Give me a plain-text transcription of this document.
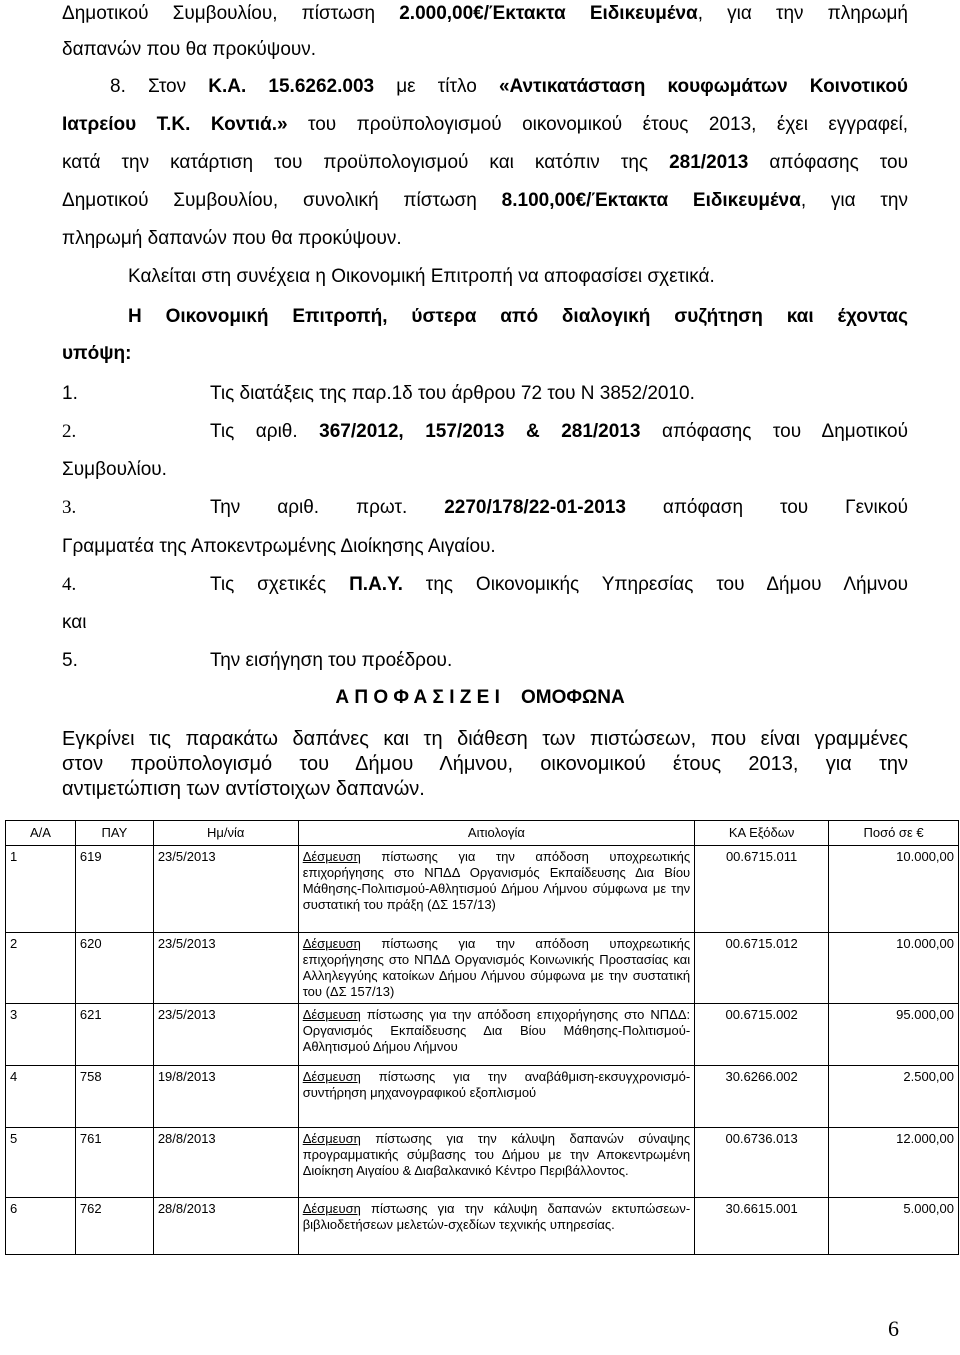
Δημοτικού Συμβουλίου, πίστωση 2.000,00€/Έκτακτα Ειδικευμένα, για την πληρωμή
δαπανών που θα προκύψουν.
8. Στον Κ.Α. 15.6262.003 με τίτλο «Αντικατάσταση κουφωμάτων Κοινοτικού
Ιατρείου Τ.Κ. Κοντιά.» του προϋπολογισμού οικονομικού έτους 2013, έχει εγγραφεί,
κατά την κατάρτιση του προϋπολογισμού και κατόπιν της 281/2013 απόφασης του
Δημοτικού Συμβουλίου, συνολική πίστωση 8.100,00€/Έκτακτα Ειδικευμένα, για την
πληρωμή δαπανών που θα προκύψουν.
Καλείται στη συνέχεια η Οικονομική Επιτροπή να αποφασίσει σχετικά.
Η Οικονομική Επιτροπή, ύστερα από διαλογική συζήτηση και έχοντας
υπόψη:
1.	Τις διατάξεις της παρ.1δ του άρθρου 72 του Ν 3852/2010.
2.	Τις αριθ. 367/2012, 157/2013 & 281/2013 απόφασης του Δημοτικού
Συμβουλίου.
3.	Την αριθ. πρωτ. 2270/178/22-01-2013 απόφαση του Γενικού
Γραμματέα της Αποκεντρωμένης Διοίκησης Αιγαίου.
4.	Τις σχετικές Π.Α.Υ. της Οικονομικής Υπηρεσίας του Δήμου Λήμνου
και
5.	Την εισήγηση του προέδρου.
Α Π Ο Φ Α Σ Ι Ζ Ε Ι    ΟΜΟΦΩΝΑ
Εγκρίνει τις παρακάτω δαπάνες και τη διάθεση των πιστώσεων, που είναι γραμμένες
στον προϋπολογισμό του Δήμου Λήμνου, οικονομικού έτους 2013, για την
αντιμετώπιση των αντίστοιχων δαπανών.
Α/Α	ΠΑΥ	Ημ/νία	Αιτιολογία	ΚΑ Εξόδων	Ποσό σε €
1	619	23/5/2013	Δέσμευση πίστωσης για την απόδοση υποχρεωτικής επιχορήγησης στο ΝΠΔΔ Οργανισμός Εκπαίδευσης Δια Βίου Μάθησης-Πολιτισμού-Αθλητισμού Δήμου Λήμνου σύμφωνα με την συστατική του πράξη (ΔΣ 157/13)	00.6715.011	10.000,00
2	620	23/5/2013	Δέσμευση πίστωσης για την απόδοση υποχρεωτικής επιχορήγησης στο ΝΠΔΔ Οργανισμός Κοινωνικής Προστασίας και Αλληλεγγύης κατοίκων Δήμου Λήμνου σύμφωνα με την συστατική του (ΔΣ 157/13)	00.6715.012	10.000,00
3	621	23/5/2013	Δέσμευση πίστωσης για την απόδοση επιχορήγησης στο ΝΠΔΔ: Οργανισμός Εκπαίδευσης Δια Βίου Μάθησης-Πολιτισμού-Αθλητισμού Δήμου Λήμνου	00.6715.002	95.000,00
4	758	19/8/2013	Δέσμευση πίστωσης για την αναβάθμιση-εκσυγχρονισμό-συντήρηση μηχανογραφικού εξοπλισμού	30.6266.002	2.500,00
5	761	28/8/2013	Δέσμευση πίστωσης για την κάλυψη δαπανών σύναψης προγραμματικής σύμβασης του Δήμου με την Αποκεντρωμένη Διοίκηση Αιγαίου & Διαβαλκανικό Κέντρο Περιβάλλοντος.	00.6736.013	12.000,00
6	762	28/8/2013	Δέσμευση πίστωσης για την κάλυψη δαπανών εκτυπώσεων-βιβλιοδετήσεων μελετών-σχεδίων τεχνικής υπηρεσίας.	30.6615.001	5.000,00
6
